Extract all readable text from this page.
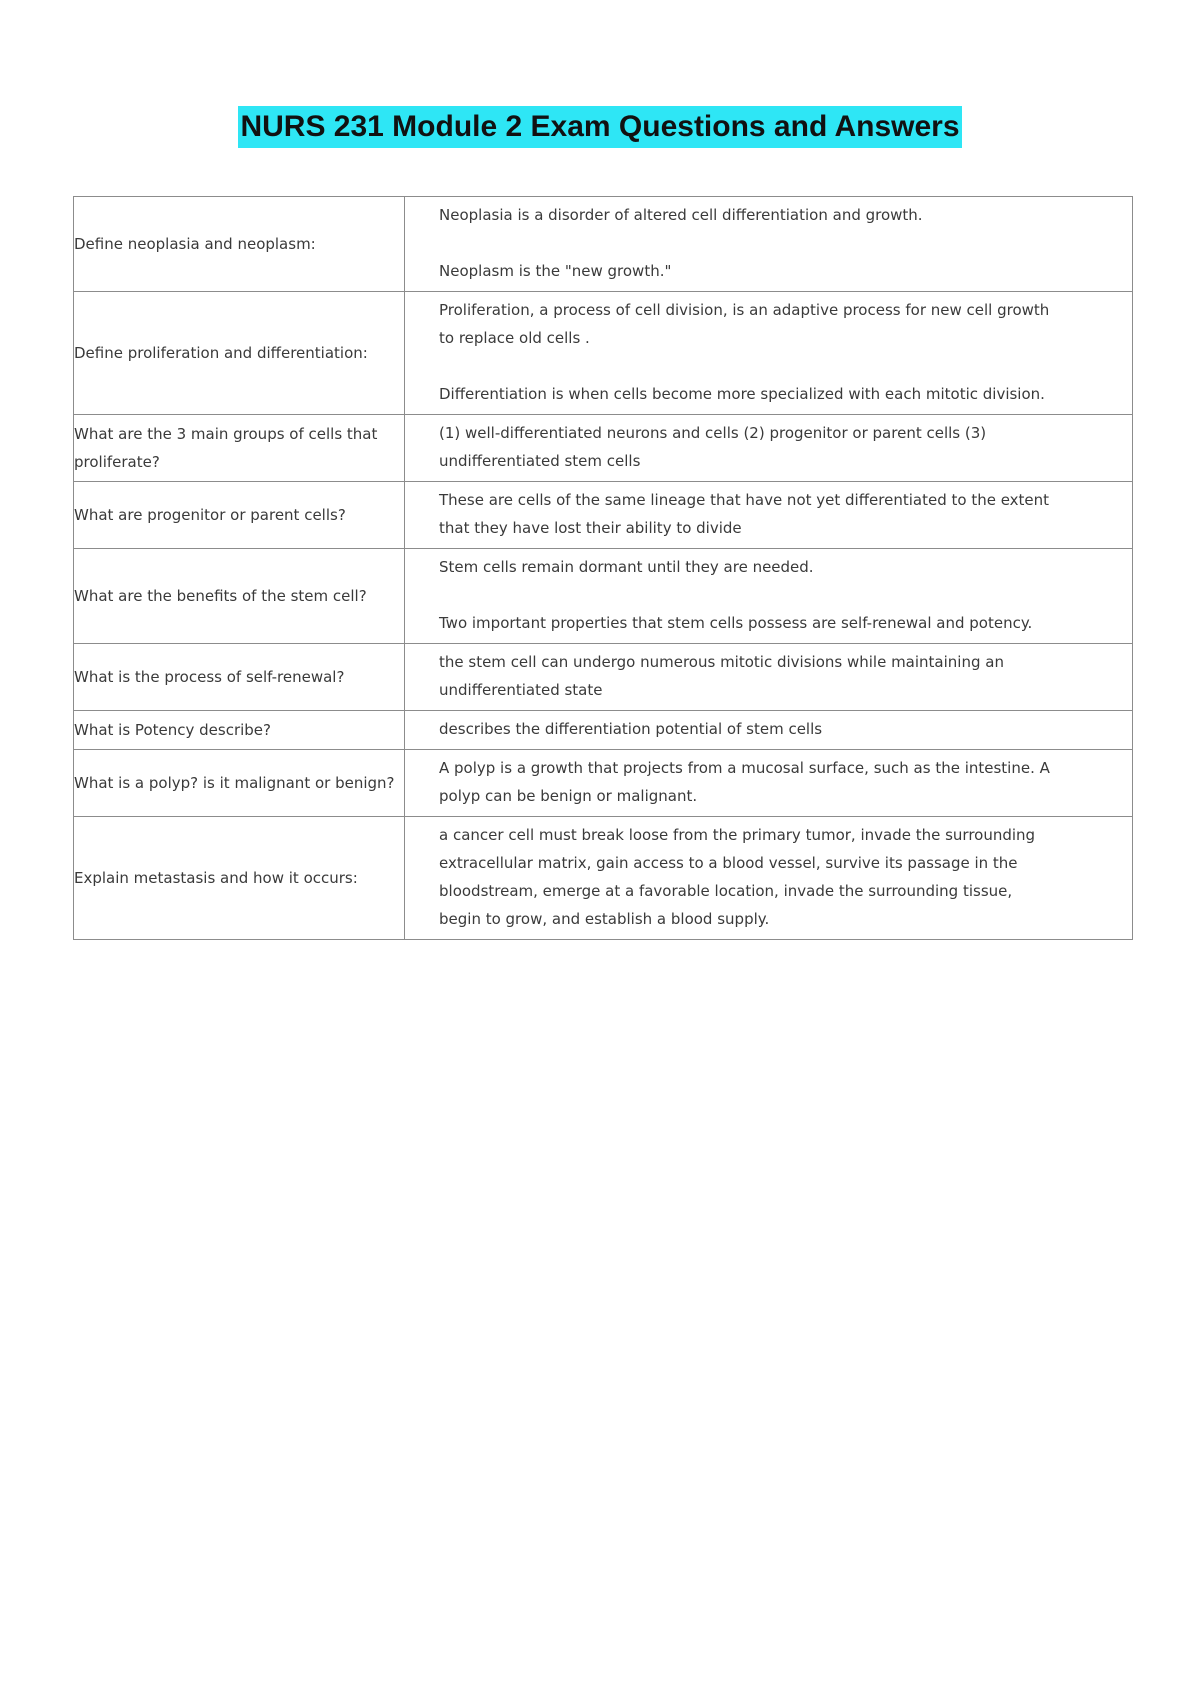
NURS 231 Module 2 Exam Questions and Answers
Define neoplasia and neoplasm:	Neoplasia is a disorder of altered cell differentiation and growth.
Neoplasm is the "new growth."

Define proliferation and differentiation:	Proliferation, a process of cell division, is an adaptive process for new cell growth to replace old cells .
Differentiation is when cells become more specialized with each mitotic division.

What are the 3 main groups of cells that proliferate?	(1) well-differentiated neurons and cells (2) progenitor or parent cells (3) undifferentiated stem cells

What are progenitor or parent cells?	These are cells of the same lineage that have not yet differentiated to the extent that they have lost their ability to divide

What are the benefits of the stem cell?	Stem cells remain dormant until they are needed.
Two important properties that stem cells possess are self-renewal and potency.

What is the process of self-renewal?	the stem cell can undergo numerous mitotic divisions while maintaining an undifferentiated state

What is Potency describe?	describes the differentiation potential of stem cells

What is a polyp? is it malignant or benign?	A polyp is a growth that projects from a mucosal surface, such as the intestine. A polyp can be benign or malignant.

Explain metastasis and how it occurs:	a cancer cell must break loose from the primary tumor, invade the surrounding extracellular matrix, gain access to a blood vessel, survive its passage in the bloodstream, emerge at a favorable location, invade the surrounding tissue, begin to grow, and establish a blood supply.
